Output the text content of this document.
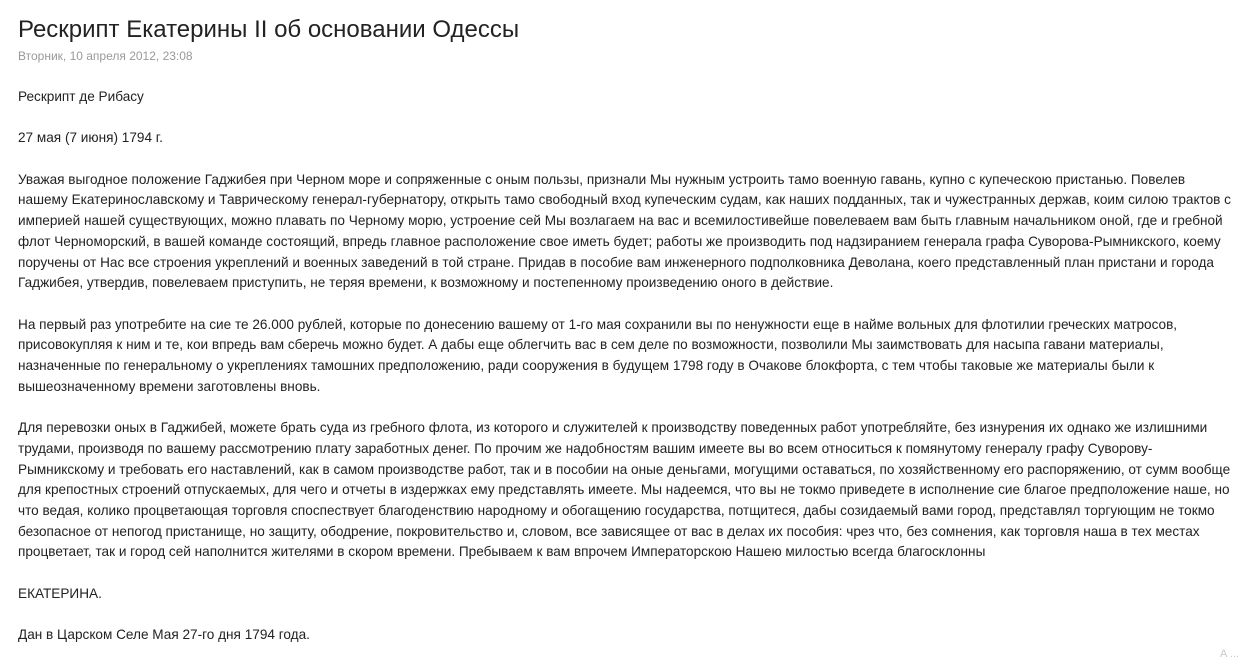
Рескрипт Екатерины II об основании Одессы
Вторник, 10 апреля 2012, 23:08

Рескрипт де Рибасу

27 мая (7 июня) 1794 г.

Уважая выгодное положение Гаджибея при Черном море и сопряженные с оным пользы, признали Мы нужным устроить тамо военную гавань, купно с купеческою пристанью. Повелев нашему Екатеринославскому и Таврическому генерал-губернатору, открыть тамо свободный вход купеческим судам, как наших подданных, так и чужестранных держав, коим силою трактов с империей нашей существующих, можно плавать по Черному морю, устроение сей Мы возлагаем на вас и всемилостивейше повелеваем вам быть главным начальником оной, где и гребной флот Черноморский, в вашей команде состоящий, впредь главное расположение свое иметь будет; работы же производить под надзиранием генерала графа Суворова-Рымникского, коему поручены от Нас все строения укреплений и военных заведений в той стране. Придав в пособие вам инженерного подполковника Деволана, коего представленный план пристани и города Гаджибея, утвердив, повелеваем приступить, не теряя времени, к возможному и постепенному произведению оного в действие.

На первый раз употребите на сие те 26.000 рублей, которые по донесению вашему от 1-го мая сохранили вы по ненужности еще в найме вольных для флотилии греческих матросов, присовокупляя к ним и те, кои впредь вам сберечь можно будет. А дабы еще облегчить вас в сем деле по возможности, позволили Мы заимствовать для насыпа гавани материалы, назначенные по генеральному о укреплениях тамошних предположению, ради сооружения в будущем 1798 году в Очакове блокфорта, с тем чтобы таковые же материалы были к вышеозначенному времени заготовлены вновь.

Для перевозки оных в Гаджибей, можете брать суда из гребного флота, из которого и служителей к производству поведенных работ употребляйте, без изнурения их однако же излишними трудами, производя по вашему рассмотрению плату заработных денег. По прочим же надобностям вашим имеете вы во всем относиться к помянутому генералу графу Суворову-Рымникскому и требовать его наставлений, как в самом производстве работ, так и в пособии на оные деньгами, могущими оставаться, по хозяйственному его распоряжению, от сумм вообще для крепостных строений отпускаемых, для чего и отчеты в издержках ему представлять имеете. Мы надеемся, что вы не токмо приведете в исполнение сие благое предположение наше, но что ведая, колико процветающая торговля споспествует благоденствию народному и обогащению государства, потщитеся, дабы созидаемый вами город, представлял торгующим не токмо безопасное от непогод пристанище, но защиту, ободрение, покровительство и, словом, все зависящее от вас в делах их пособия: чрез что, без сомнения, как торговля наша в тех местах процветает, так и город сей наполнится жителями в скором времени. Пребываем к вам впрочем Императорскою Нашею милостью всегда благосклонны

ЕКАТЕРИНА.

Дан в Царском Селе Мая 27-го дня 1794 года.

A ...
